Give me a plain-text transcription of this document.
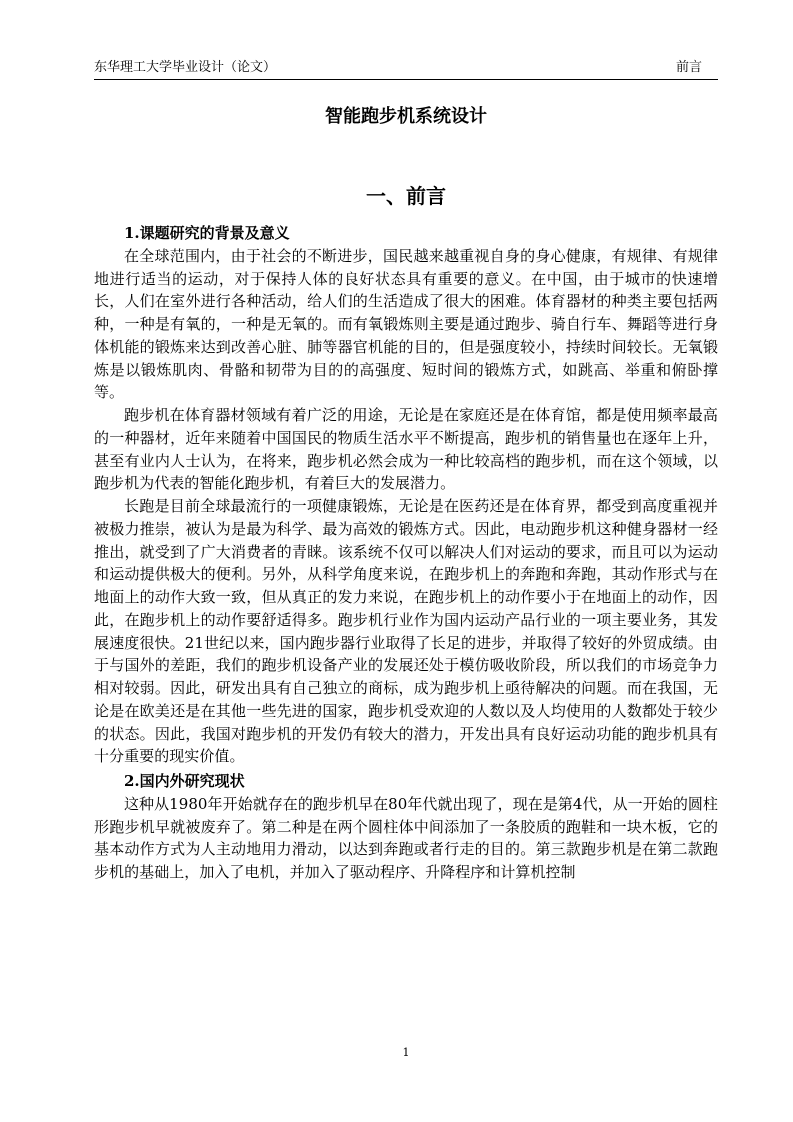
东华理工大学毕业设计（论文）	前言
智能跑步机系统设计
一、前言

1.课题研究的背景及意义

在全球范围内，由于社会的不断进步，国民越来越重视自身的身心健康，有规律、有规律地进行适当的运动，对于保持人体的良好状态具有重要的意义。在中国，由于城市的快速增长，人们在室外进行各种活动，给人们的生活造成了很大的困难。体育器材的种类主要包括两种，一种是有氧的，一种是无氧的。而有氧锻炼则主要是通过跑步、骑自行车、舞蹈等进行身体机能的锻炼来达到改善心脏、肺等器官机能的目的，但是强度较小，持续时间较长。无氧锻炼是以锻炼肌肉、骨骼和韧带为目的的高强度、短时间的锻炼方式，如跳高、举重和俯卧撑等。

跑步机在体育器材领域有着广泛的用途，无论是在家庭还是在体育馆，都是使用频率最高的一种器材，近年来随着中国国民的物质生活水平不断提高，跑步机的销售量也在逐年上升，甚至有业内人士认为，在将来，跑步机必然会成为一种比较高档的跑步机，而在这个领域，以跑步机为代表的智能化跑步机，有着巨大的发展潜力。

长跑是目前全球最流行的一项健康锻炼，无论是在医药还是在体育界，都受到高度重视并被极力推崇，被认为是最为科学、最为高效的锻炼方式。因此，电动跑步机这种健身器材一经推出，就受到了广大消费者的青睐。该系统不仅可以解决人们对运动的要求，而且可以为运动和运动提供极大的便利。另外，从科学角度来说，在跑步机上的奔跑和奔跑，其动作形式与在地面上的动作大致一致，但从真正的发力来说，在跑步机上的动作要小于在地面上的动作，因此，在跑步机上的动作要舒适得多。跑步机行业作为国内运动产品行业的一项主要业务，其发展速度很快。21世纪以来，国内跑步器行业取得了长足的进步，并取得了较好的外贸成绩。由于与国外的差距，我们的跑步机设备产业的发展还处于模仿吸收阶段，所以我们的市场竞争力相对较弱。因此，研发出具有自己独立的商标，成为跑步机上亟待解决的问题。而在我国，无论是在欧美还是在其他一些先进的国家，跑步机受欢迎的人数以及人均使用的人数都处于较少的状态。因此，我国对跑步机的开发仍有较大的潜力，开发出具有良好运动功能的跑步机具有十分重要的现实价值。

2.国内外研究现状

这种从1980年开始就存在的跑步机早在80年代就出现了，现在是第4代，从一开始的圆柱形跑步机早就被废弃了。第二种是在两个圆柱体中间添加了一条胶质的跑鞋和一块木板，它的基本动作方式为人主动地用力滑动，以达到奔跑或者行走的目的。第三款跑步机是在第二款跑步机的基础上，加入了电机，并加入了驱动程序、升降程序和计算机控制

1
